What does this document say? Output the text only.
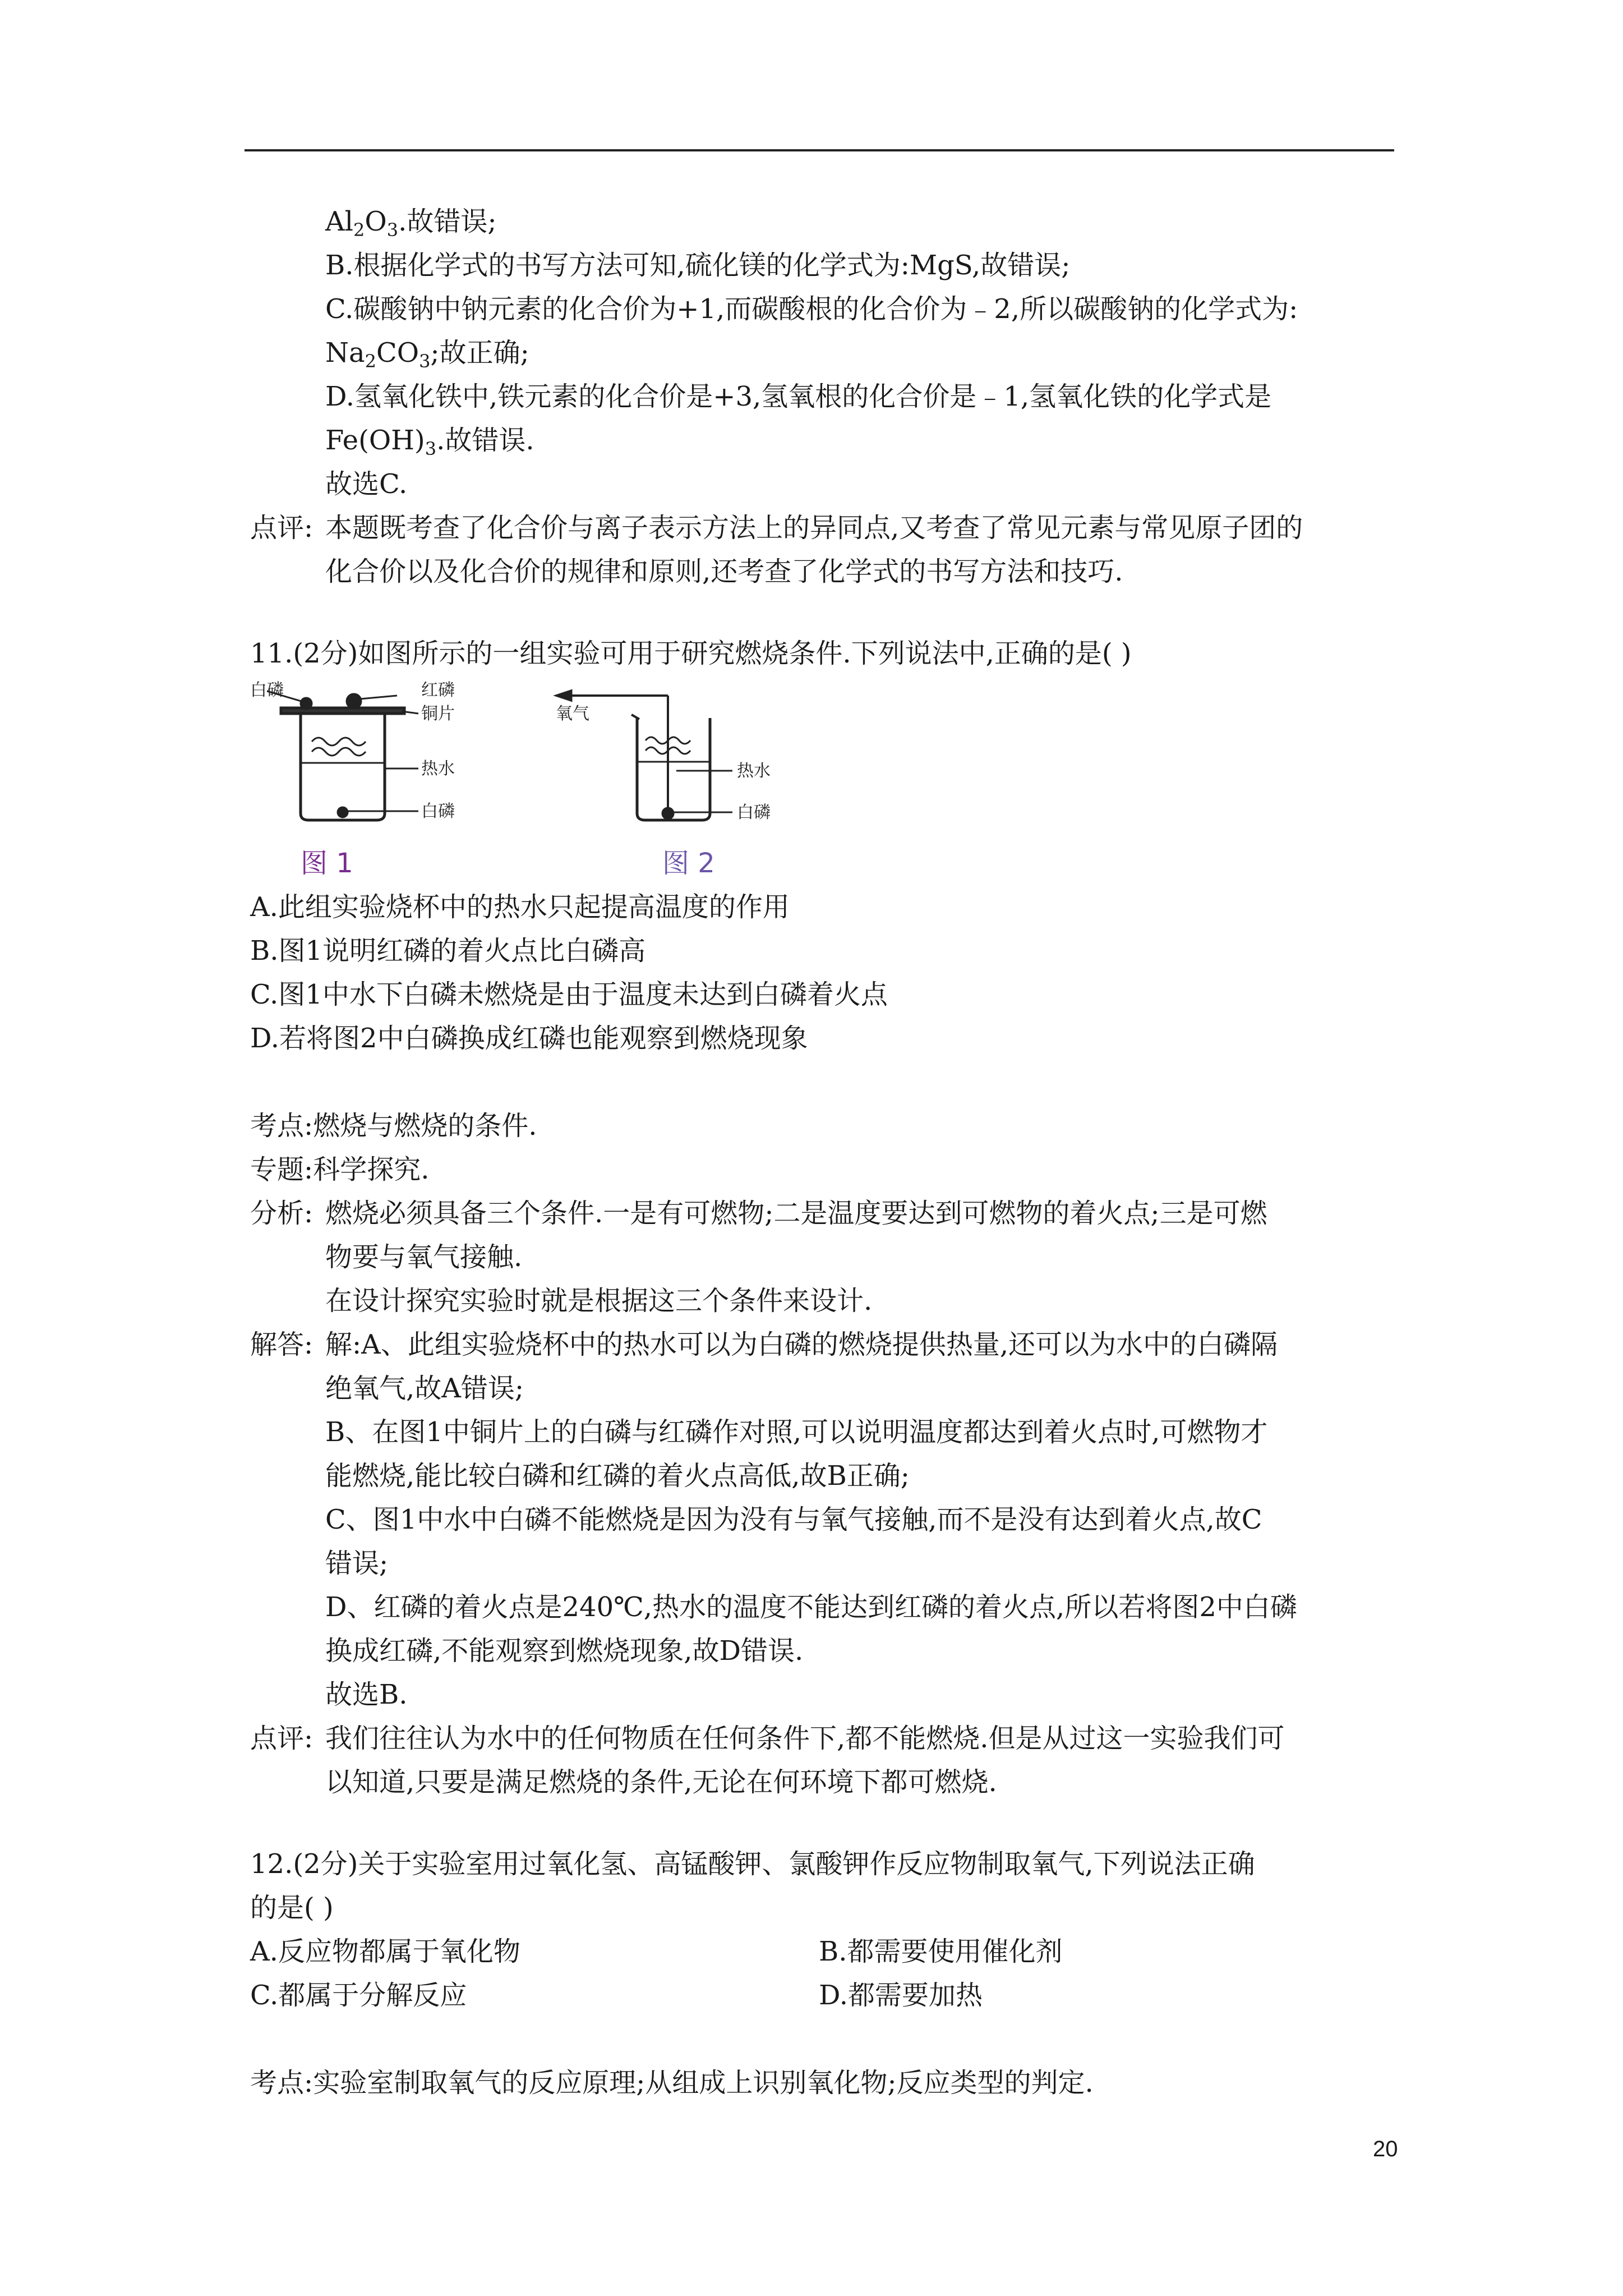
$Al_2O_3$.故错误;
B.根据化学式的书写方法可知,硫化镁的化学式为:MgS,故错误;
C.碳酸钠中钠元素的化合价为+1,而碳酸根的化合价为﹣2,所以碳酸钠的化学式为:
$Na_2CO_3$;故正确;
D.氢氧化铁中,铁元素的化合价是+3,氢氧根的化合价是﹣1,氢氧化铁的化学式是
$Fe(OH)_3$.故错误.
故选C.
点评: 本题既考查了化合价与离子表示方法上的异同点,又考查了常见元素与常见原子团的
化合价以及化合价的规律和原则,还考查了化学式的书写方法和技巧.
11.(2分)如图所示的一组实验可用于研究燃烧条件.下列说法中,正确的是( )
白磷	红磷
铜片
热水
白磷
图 1
氧气
热水
白磷
图 2
A.此组实验烧杯中的热水只起提高温度的作用
B.图1说明红磷的着火点比白磷高
C.图1中水下白磷未燃烧是由于温度未达到白磷着火点
D.若将图2中白磷换成红磷也能观察到燃烧现象
考点:燃烧与燃烧的条件.
专题:科学探究.
分析: 燃烧必须具备三个条件.一是有可燃物;二是温度要达到可燃物的着火点;三是可燃
物要与氧气接触.
在设计探究实验时就是根据这三个条件来设计.
解答: 解:A、此组实验烧杯中的热水可以为白磷的燃烧提供热量,还可以为水中的白磷隔
绝氧气,故A错误;
B、在图1中铜片上的白磷与红磷作对照,可以说明温度都达到着火点时,可燃物才
能燃烧,能比较白磷和红磷的着火点高低,故B正确;
C、图1中水中白磷不能燃烧是因为没有与氧气接触,而不是没有达到着火点,故C
错误;
D、红磷的着火点是240℃,热水的温度不能达到红磷的着火点,所以若将图2中白磷
换成红磷,不能观察到燃烧现象,故D错误.
故选B.
点评: 我们往往认为水中的任何物质在任何条件下,都不能燃烧.但是从过这一实验我们可
以知道,只要是满足燃烧的条件,无论在何环境下都可燃烧.
12.(2分)关于实验室用过氧化氢、高锰酸钾、氯酸钾作反应物制取氧气,下列说法正确
的是( )
A.反应物都属于氧化物	B.都需要使用催化剂
C.都属于分解反应	D.都需要加热
考点:实验室制取氧气的反应原理;从组成上识别氧化物;反应类型的判定.
20
